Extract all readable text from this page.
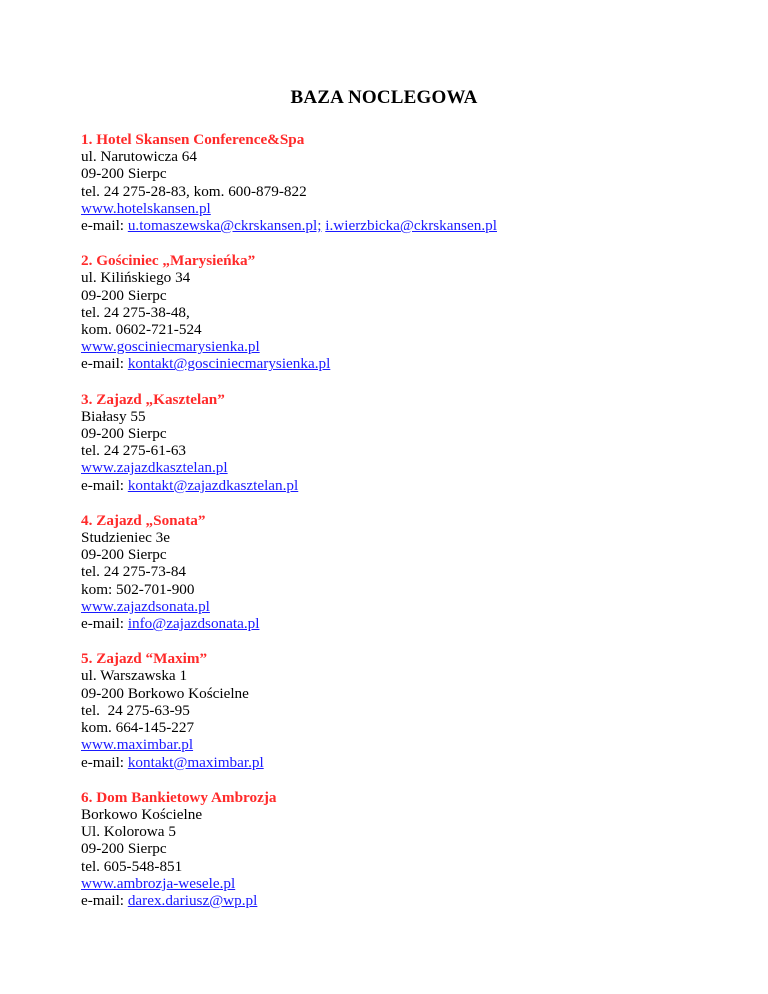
BAZA NOCLEGOWA
1. Hotel Skansen Conference&Spa
ul. Narutowicza 64
09-200 Sierpc
tel. 24 275-28-83, kom. 600-879-822
www.hotelskansen.pl
e-mail: u.tomaszewska@ckrskansen.pl; i.wierzbicka@ckrskansen.pl
2. Gościniec „Marysieńka”
ul. Kilińskiego 34
09-200 Sierpc
tel. 24 275-38-48,
kom. 0602-721-524
www.gosciniecmarysienka.pl
e-mail: kontakt@gosciniecmarysienka.pl
3. Zajazd „Kasztelan”
Białasy 55
09-200 Sierpc
tel. 24 275-61-63
www.zajazdkasztelan.pl
e-mail: kontakt@zajazdkasztelan.pl
4. Zajazd „Sonata”
Studzieniec 3e
09-200 Sierpc
tel. 24 275-73-84
kom: 502-701-900
www.zajazdsonata.pl
e-mail: info@zajazdsonata.pl
5. Zajazd “Maxim”
ul. Warszawska 1
09-200 Borkowo Kościelne
tel.  24 275-63-95
kom. 664-145-227
www.maximbar.pl
e-mail: kontakt@maximbar.pl
6. Dom Bankietowy Ambrozja
Borkowo Kościelne
Ul. Kolorowa 5
09-200 Sierpc
tel. 605-548-851
www.ambrozja-wesele.pl
e-mail: darex.dariusz@wp.pl
